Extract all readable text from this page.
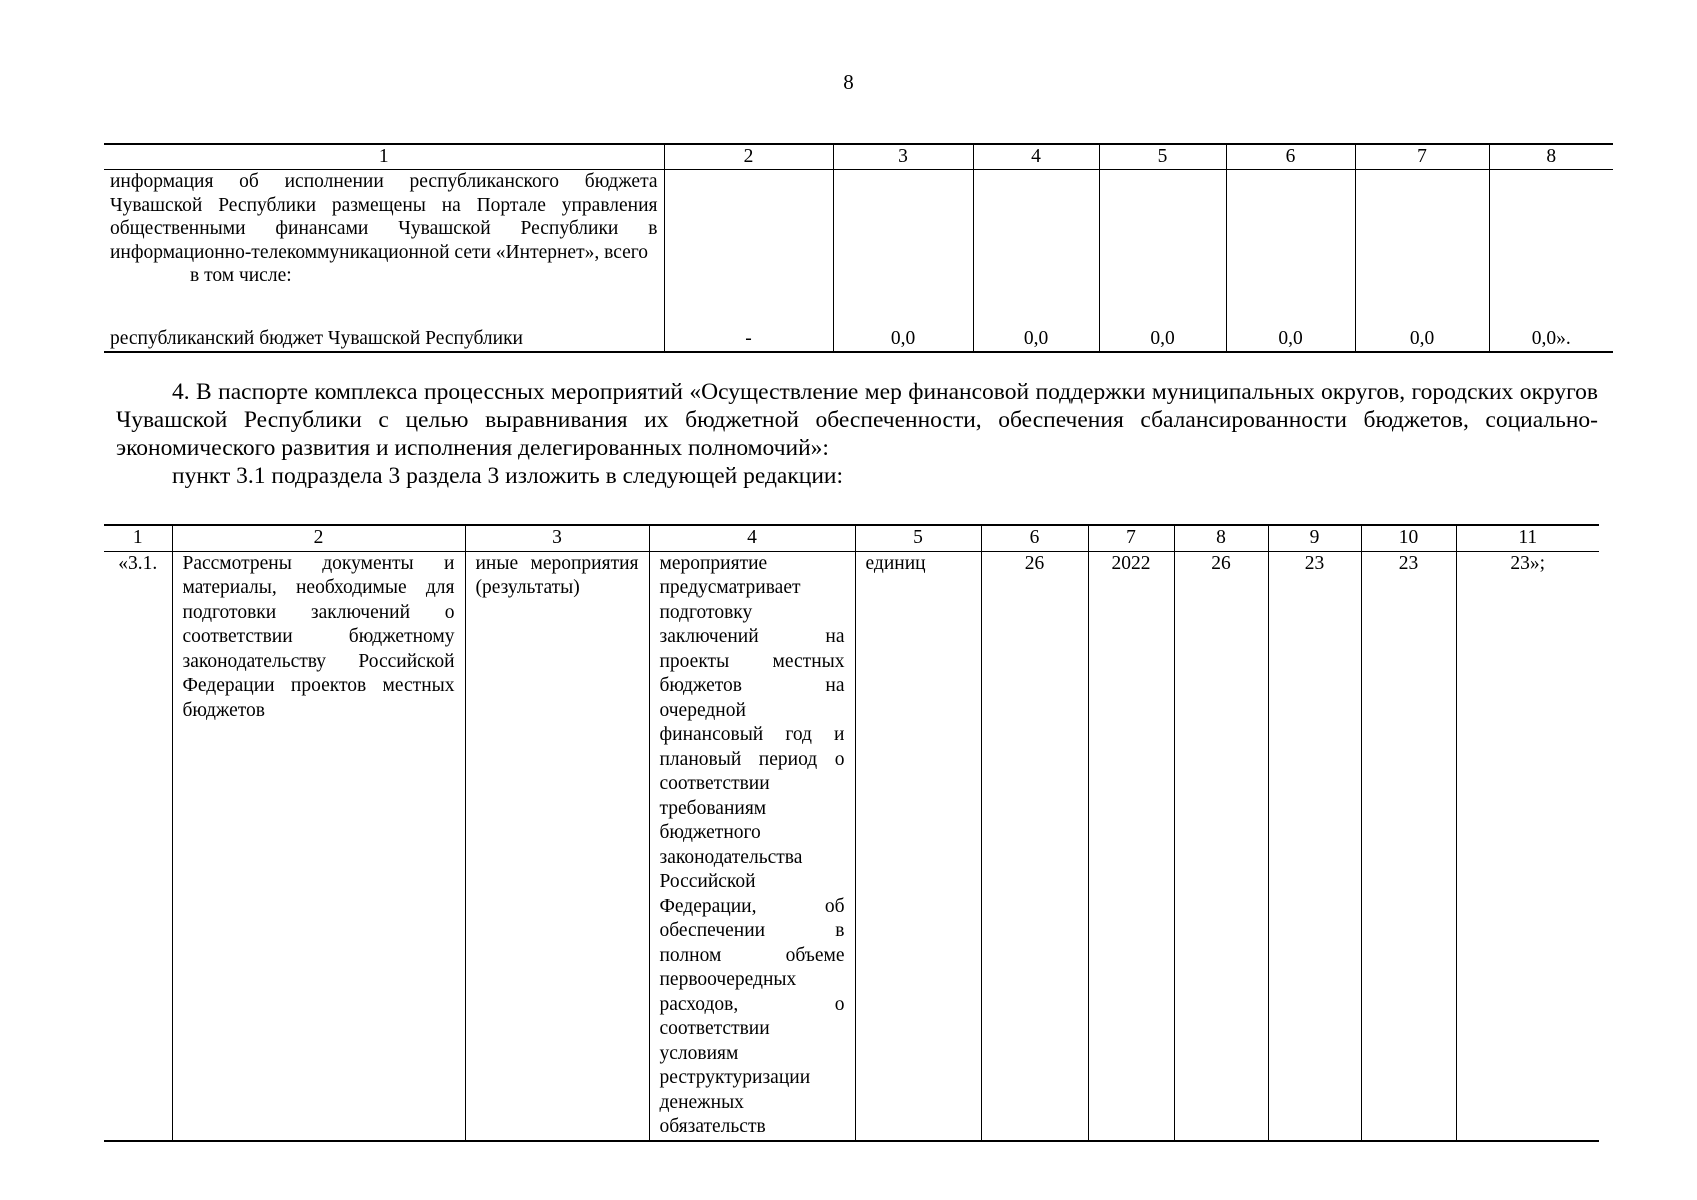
8
1	2	3	4	5	6	7	8
информация об исполнении республиканского бюджета Чувашской Республики размещены на Портале управления общественными финансами Чувашской Республики в информационно-телекоммуникационной сети «Интернет», всего
в том числе:							

республиканский бюджет Чувашской Республики	-	0,0	0,0	0,0	0,0	0,0	0,0».

4. В паспорте комплекса процессных мероприятий «Осуществление мер финансовой поддержки муниципальных округов, городских округов Чувашской Республики с целью выравнивания их бюджетной обеспеченности, обеспечения сбалансированности бюджетов, социально-экономического развития и исполнения делегированных полномочий»:

пункт 3.1 подраздела 3 раздела 3 изложить в следующей редакции:

1	2	3	4	5	6	7	8	9	10	11
«3.1.	Рассмотрены документы и материалы, необходимые для подготовки заключений о соответствии бюджетному законодательству Российской Федерации проектов местных бюджетов	иные мероприятия (результаты)	мероприятие предусматривает подготовку заключений на проекты местных бюджетов на очередной финансовый год и плановый период о соответствии требованиям бюджетного законодательства Российской Федерации, об обеспечении в полном объеме первоочередных расходов, о соответствии условиям реструктуризации денежных обязательств	единиц	26	2022	26	23	23	23»;
